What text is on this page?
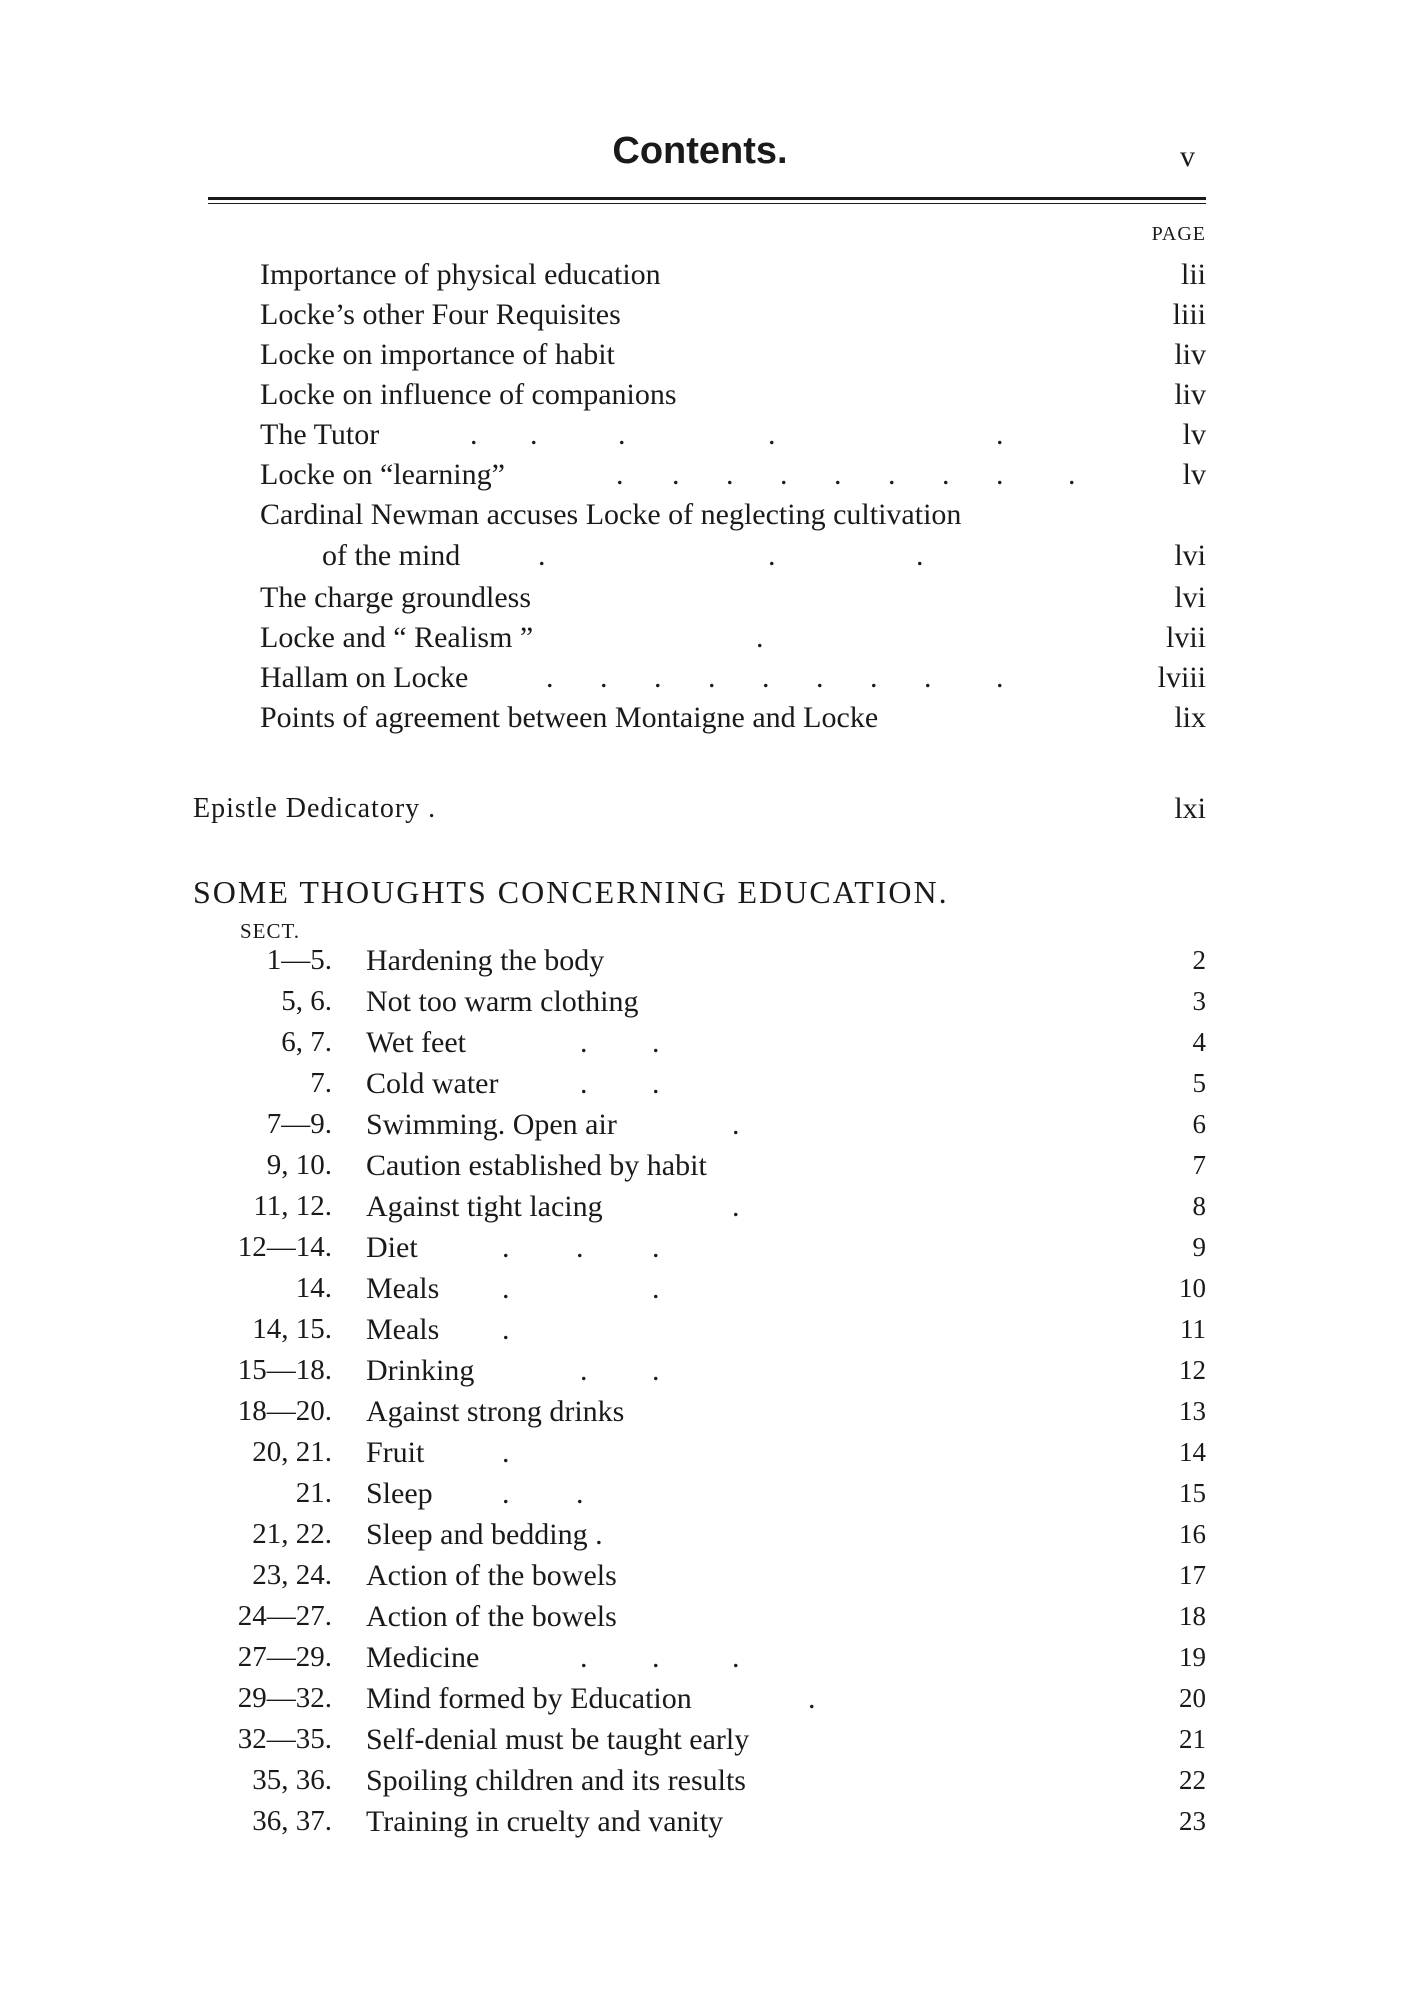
Contents.	v
PAGE
Importance of physical education	lii
Locke’s other Four Requisites	liii
Locke on importance of habit	liv
Locke on influence of companions	liv
The Tutor	. .	.	.	.	lv
Locke on “learning”	. . . . . . . . .	lv
Cardinal Newman accuses Locke of neglecting cultivation
of the mind	.	.	.	lvi
The charge groundless	lvi
Locke and “ Realism ”	.	lvii
Hallam on Locke	. . . . . . . . .	lviii
Points of agreement between Montaigne and Locke	lix
Epistle Dedicatory .	lxi
SOME THOUGHTS CONCERNING EDUCATION.
SECT.
1—5. Hardening the body	2
5, 6. Not too warm clothing	3
6, 7. Wet feet	. .	4
7. Cold water	. .	5
7—9. Swimming. Open air	.	6
9, 10. Caution established by habit	7
11, 12. Against tight lacing	.	8
12—14. Diet	. . .	9
14. Meals .	.	10
14, 15. Meals .	11
15—18. Drinking	. .	12
18—20. Against strong drinks	13
20, 21. Fruit	.	14
21. Sleep . .	15
21, 22. Sleep and bedding .	16
23, 24. Action of the bowels	17
24—27. Action of the bowels	18
27—29. Medicine	. . .	19
29—32. Mind formed by Education	.	20
32—35. Self-denial must be taught early	21
35, 36. Spoiling children and its results	22
36, 37. Training in cruelty and vanity	23
